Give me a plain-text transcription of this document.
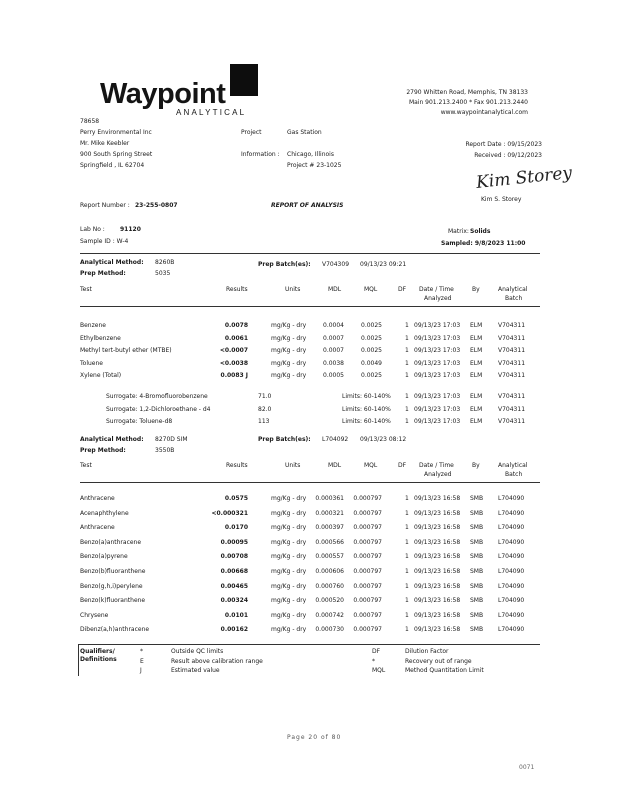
Waypoint
ANALYTICAL
2790 Whitten Road, Memphis, TN 38133
Main 901.213.2400 * Fax 901.213.2440
www.waypointanalytical.com
78658
Perry Environmental Inc
Mr. Mike Keebler
900 South Spring Street
Springfield , IL 62704
Project	Gas Station
Information : Chicago, Illinois
Project # 23-1025
Report Date : 09/15/2023
Received : 09/12/2023
Kim Storey
Kim S. Storey
Report Number : 23-255-0807	REPORT OF ANALYSIS
Lab No :	91120
Sample ID : W-4
Matrix: Solids
Sampled: 9/8/2023 11:00
Analytical Method: 8260B
Prep Method:	5035
Prep Batch(es): V704309 09/13/23 09:21
Test	Results	Units	MDL	MQL	DF Date / Time	By	Analytical
Analyzed	Batch
Benzene	0.0078	mg/Kg - dry	0.0004	0.0025	1 09/13/23 17:03 ELM	V704311
Ethylbenzene	0.0061	mg/Kg - dry	0.0007	0.0025	1 09/13/23 17:03 ELM	V704311
Methyl tert-butyl ether (MTBE)	<0.0007	mg/Kg - dry	0.0007	0.0025	1 09/13/23 17:03 ELM	V704311
Toluene	<0.0038	mg/Kg - dry	0.0038	0.0049	1 09/13/23 17:03 ELM	V704311
Xylene (Total)	0.0083 J	mg/Kg - dry	0.0005	0.0025	1 09/13/23 17:03 ELM	V704311
Surrogate: 4-Bromofluorobenzene	71.0	Limits: 60-140% 1 09/13/23 17:03 ELM	V704311
Surrogate: 1,2-Dichloroethane - d4	82.0	Limits: 60-140% 1 09/13/23 17:03 ELM	V704311
Surrogate: Toluene-d8	113	Limits: 60-140% 1 09/13/23 17:03 ELM	V704311
Analytical Method: 8270D SIM
Prep Method:	3550B
Prep Batch(es): L704092 09/13/23 08:12
Test	Results	Units	MDL	MQL	DF Date / Time	By	Analytical
Analyzed	Batch
Anthracene	0.0575	mg/Kg - dry	0.000361	0.000797	1 09/13/23 16:58 SMB L704090
Acenaphthylene	<0.000321	mg/Kg - dry	0.000321	0.000797	1 09/13/23 16:58 SMB L704090
Anthracene	0.0170	mg/Kg - dry	0.000397	0.000797	1 09/13/23 16:58 SMB L704090
Benzo(a)anthracene	0.00095	mg/Kg - dry	0.000566	0.000797	1 09/13/23 16:58 SMB L704090
Benzo(a)pyrene	0.00708	mg/Kg - dry	0.000557	0.000797	1 09/13/23 16:58 SMB L704090
Benzo(b)fluoranthene	0.00668	mg/Kg - dry	0.000606	0.000797	1 09/13/23 16:58 SMB L704090
Benzo(g,h,i)perylene	0.00465	mg/Kg - dry	0.000760	0.000797	1 09/13/23 16:58 SMB L704090
Benzo(k)fluoranthene	0.00324	mg/Kg - dry	0.000520	0.000797	1 09/13/23 16:58 SMB L704090
Chrysene	0.0101	mg/Kg - dry	0.000742	0.000797	1 09/13/23 16:58 SMB L704090
Dibenz(a,h)anthracene	0.00162	mg/Kg - dry	0.000730	0.000797	1 09/13/23 16:58 SMB L704090
Qualifiers/
Definitions
*	Outside QC limits
E	Result above calibration range
J	Estimated value
DF	Dilution Factor
*	Recovery out of range
MQL	Method Quantitation Limit
Page 20 of 80
0071
